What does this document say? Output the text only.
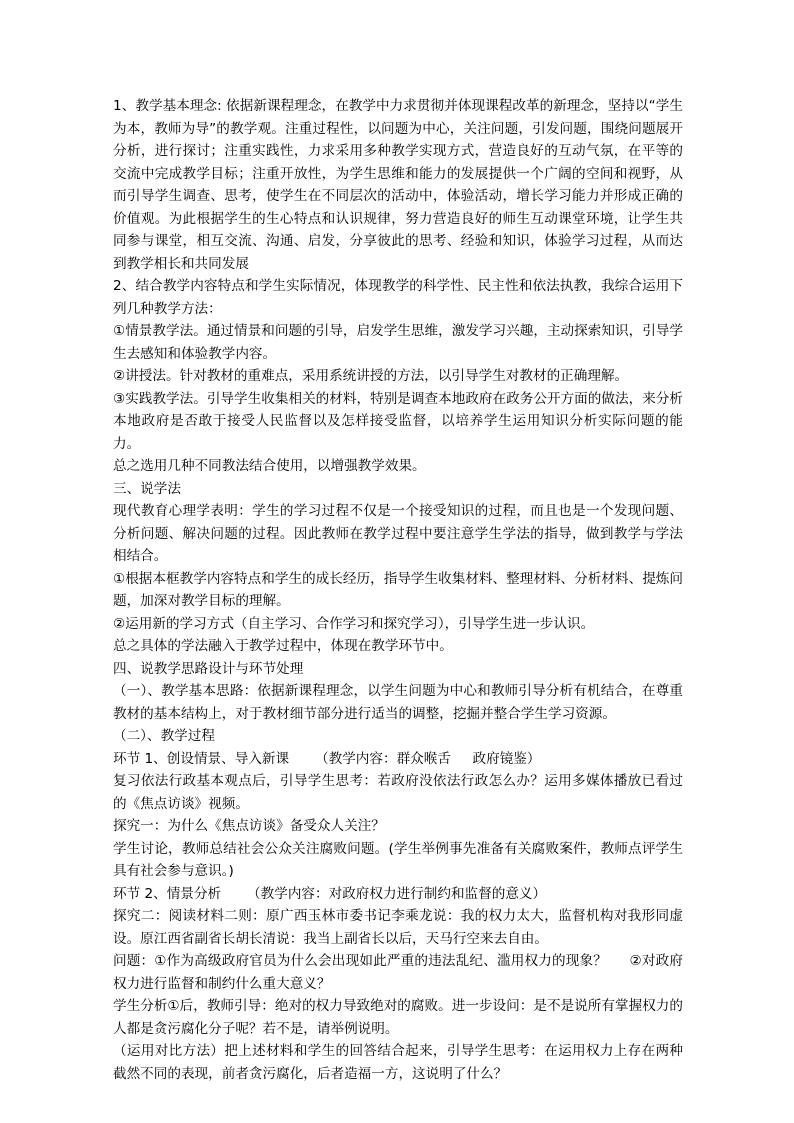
1、教学基本理念: 依据新课程理念，在教学中力求贯彻并体现课程改革的新理念，坚持以“学生为本，教师为导”的教学观。注重过程性，以问题为中心，关注问题，引发问题，围绕问题展开分析，进行探讨；注重实践性，力求采用多种教学实现方式，营造良好的互动气氛，在平等的交流中完成教学目标；注重开放性，为学生思维和能力的发展提供一个广阔的空间和视野，从而引导学生调查、思考，使学生在不同层次的活动中，体验活动，增长学习能力并形成正确的价值观。为此根据学生的生心特点和认识规律，努力营造良好的师生互动课堂环境，让学生共同参与课堂，相互交流、沟通、启发，分享彼此的思考、经验和知识，体验学习过程，从而达到教学相长和共同发展

2、结合教学内容特点和学生实际情况，体现教学的科学性、民主性和依法执教，我综合运用下列几种教学方法：

①情景教学法。通过情景和问题的引导，启发学生思维，激发学习兴趣，主动探索知识，引导学生去感知和体验教学内容。

②讲授法。针对教材的重难点，采用系统讲授的方法，以引导学生对教材的正确理解。

③实践教学法。引导学生收集相关的材料，特别是调查本地政府在政务公开方面的做法，来分析本地政府是否敢于接受人民监督以及怎样接受监督，以培养学生运用知识分析实际问题的能力。

总之选用几种不同教法结合使用，以增强教学效果。

三、说学法

现代教育心理学表明：学生的学习过程不仅是一个接受知识的过程，而且也是一个发现问题、分析问题、解决问题的过程。因此教师在教学过程中要注意学生学法的指导，做到教学与学法相结合。

①根据本框教学内容特点和学生的成长经历，指导学生收集材料、整理材料、分析材料、提炼问题，加深对教学目标的理解。

②运用新的学习方式（自主学习、合作学习和探究学习），引导学生进一步认识。

总之具体的学法融入于教学过程中，体现在教学环节中。

四、说教学思路设计与环节处理

（一）、教学基本思路：依据新课程理念，以学生问题为中心和教师引导分析有机结合，在尊重教材的基本结构上，对于教材细节部分进行适当的调整，挖掘并整合学生学习资源。

（二）、教学过程

环节 1、创设情景、导入新课      （教学内容：群众喉舌     政府镜鉴）

复习依法行政基本观点后，引导学生思考：若政府没依法行政怎么办？运用多媒体播放已看过的《焦点访谈》视频。

探究一：为什么《焦点访谈》备受众人关注？

学生讨论，教师总结社会公众关注腐败问题。(学生举例事先准备有关腐败案件，教师点评学生具有社会参与意识。)

环节 2、情景分析      （教学内容：对政府权力进行制约和监督的意义）

探究二：阅读材料二则：原广西玉林市委书记李乘龙说：我的权力太大，监督机构对我形同虚设。原江西省副省长胡长清说：我当上副省长以后，天马行空来去自由。

问题：①作为高级政府官员为什么会出现如此严重的违法乱纪、滥用权力的现象？     ②对政府权力进行监督和制约什么重大意义？

学生分析①后，教师引导：绝对的权力导致绝对的腐败。进一步设问：是不是说所有掌握权力的人都是贪污腐化分子呢？若不是，请举例说明。

（运用对比方法）把上述材料和学生的回答结合起来，引导学生思考：在运用权力上存在两种截然不同的表现，前者贪污腐化，后者造福一方，这说明了什么？
